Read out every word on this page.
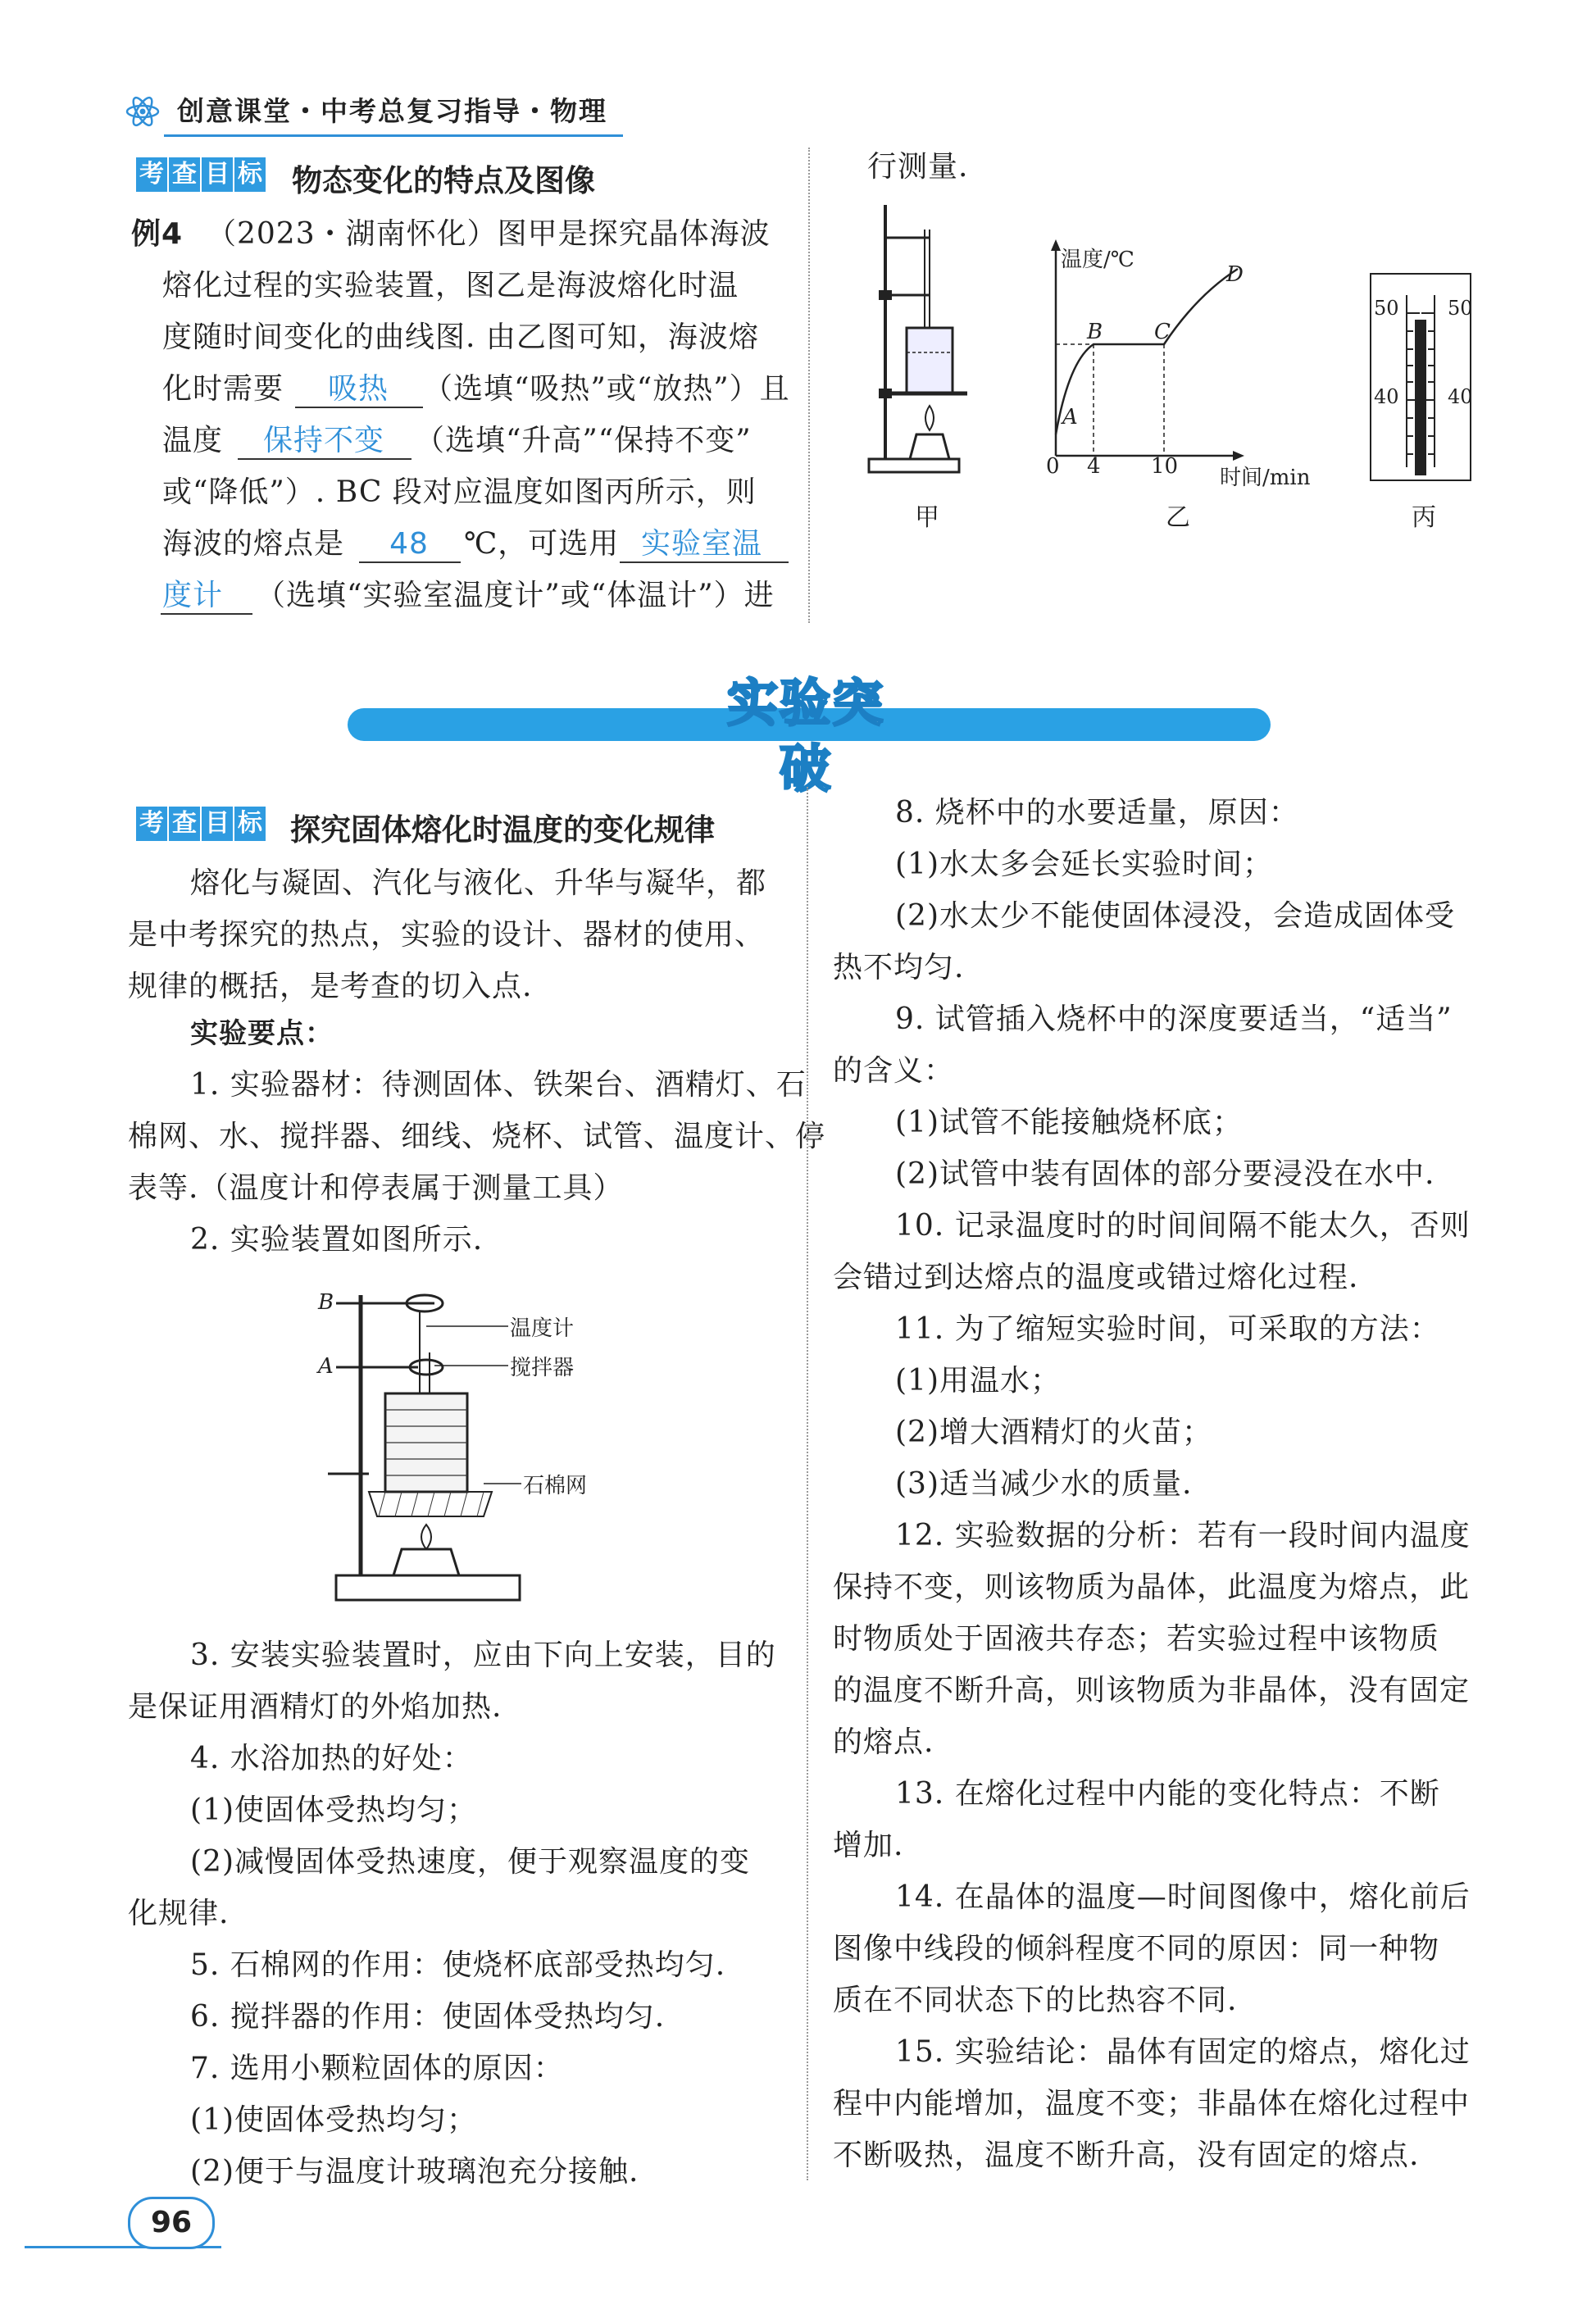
创意课堂・中考总复习指导・物理
考 查 目 标 物态变化的特点及图像
例4 （2023・湖南怀化）图甲是探究晶体海波
熔化过程的实验装置，图乙是海波熔化时温
度随时间变化的曲线图. 由乙图可知，海波熔
化时需要	吸热	（选填“吸热”或“放热”）且
温度	保持不变	（选填“升高”“保持不变”
或“降低”）. BC 段对应温度如图丙所示，则
海波的熔点是	48	℃，可选用 实验室温
度计 （选填“实验室温度计”或“体温计”）进
行测量.
甲
温度/℃
时间/min
0 4 10
A
B C
D
乙
50 50
40 40
丙
实验突破
考 查 目 标 探究固体熔化时温度的变化规律
熔化与凝固、汽化与液化、升华与凝华，都
是中考探究的热点，实验的设计、器材的使用、
规律的概括，是考查的切入点.
实验要点：
1. 实验器材：待测固体、铁架台、酒精灯、石
棉网、水、搅拌器、细线、烧杯、试管、温度计、停
表等.（温度计和停表属于测量工具）
2. 实验装置如图所示.
温度计
搅拌器
石棉网
B
A
3. 安装实验装置时，应由下向上安装，目的
是保证用酒精灯的外焰加热.
4. 水浴加热的好处：
(1)使固体受热均匀；
(2)减慢固体受热速度，便于观察温度的变
化规律.
5. 石棉网的作用：使烧杯底部受热均匀.
6. 搅拌器的作用：使固体受热均匀.
7. 选用小颗粒固体的原因：
(1)使固体受热均匀；
(2)便于与温度计玻璃泡充分接触.
8. 烧杯中的水要适量，原因：
(1)水太多会延长实验时间；
(2)水太少不能使固体浸没，会造成固体受
热不均匀.
9. 试管插入烧杯中的深度要适当，“适当”
的含义：
(1)试管不能接触烧杯底；
(2)试管中装有固体的部分要浸没在水中.
10. 记录温度时的时间间隔不能太久，否则
会错过到达熔点的温度或错过熔化过程.
11. 为了缩短实验时间，可采取的方法：
(1)用温水；
(2)增大酒精灯的火苗；
(3)适当减少水的质量.
12. 实验数据的分析：若有一段时间内温度
保持不变，则该物质为晶体，此温度为熔点，此
时物质处于固液共存态；若实验过程中该物质
的温度不断升高，则该物质为非晶体，没有固定
的熔点.
13. 在熔化过程中内能的变化特点：不断
增加.
14. 在晶体的温度—时间图像中，熔化前后
图像中线段的倾斜程度不同的原因：同一种物
质在不同状态下的比热容不同.
15. 实验结论：晶体有固定的熔点，熔化过
程中内能增加，温度不变；非晶体在熔化过程中
不断吸热，温度不断升高，没有固定的熔点.
96
